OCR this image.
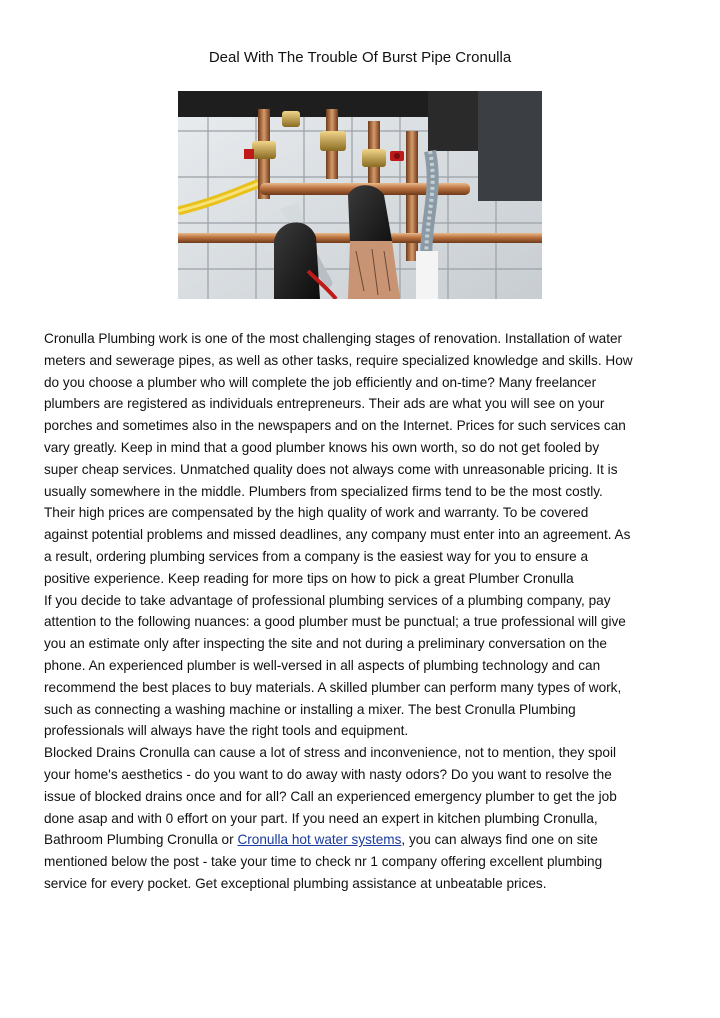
Deal With The Trouble Of Burst Pipe Cronulla
Cronulla Plumbing work is one of the most challenging stages of renovation. Installation of water
meters and sewerage pipes, as well as other tasks, require specialized knowledge and skills. How
do you choose a plumber who will complete the job efficiently and on-time? Many freelancer
plumbers are registered as individuals entrepreneurs. Their ads are what you will see on your
porches and sometimes also in the newspapers and on the Internet. Prices for such services can
vary greatly. Keep in mind that a good plumber knows his own worth, so do not get fooled by
super cheap services. Unmatched quality does not always come with unreasonable pricing. It is
usually somewhere in the middle. Plumbers from specialized firms tend to be the most costly.
Their high prices are compensated by the high quality of work and warranty. To be covered
against potential problems and missed deadlines, any company must enter into an agreement. As
a result, ordering plumbing services from a company is the easiest way for you to ensure a
positive experience. Keep reading for more tips on how to pick a great Plumber Cronulla
If you decide to take advantage of professional plumbing services of a plumbing company, pay
attention to the following nuances: a good plumber must be punctual; a true professional will give
you an estimate only after inspecting the site and not during a preliminary conversation on the
phone. An experienced plumber is well-versed in all aspects of plumbing technology and can
recommend the best places to buy materials. A skilled plumber can perform many types of work,
such as connecting a washing machine or installing a mixer. The best Cronulla Plumbing
professionals will always have the right tools and equipment.
Blocked Drains Cronulla can cause a lot of stress and inconvenience, not to mention, they spoil
your home's aesthetics - do you want to do away with nasty odors? Do you want to resolve the
issue of blocked drains once and for all? Call an experienced emergency plumber to get the job
done asap and with 0 effort on your part. If you need an expert in kitchen plumbing Cronulla,
Bathroom Plumbing Cronulla or Cronulla hot water systems, you can always find one on site
mentioned below the post - take your time to check nr 1 company offering excellent plumbing
service for every pocket. Get exceptional plumbing assistance at unbeatable prices.
